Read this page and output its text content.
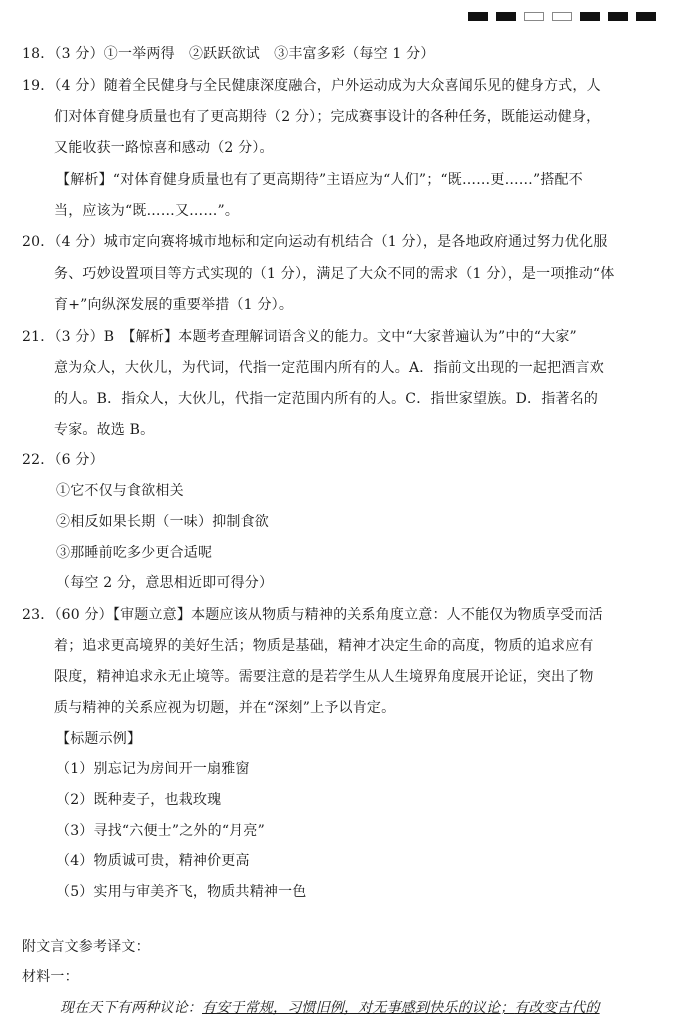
18．（3 分）①一举两得　②跃跃欲试　③丰富多彩（每空 1 分）
19．（4 分）随着全民健身与全民健康深度融合，户外运动成为大众喜闻乐见的健身方式，人
们对体育健身质量也有了更高期待（2 分）；完成赛事设计的各种任务，既能运动健身，
又能收获一路惊喜和感动（2 分）。
【解析】“对体育健身质量也有了更高期待”主语应为“人们”；“既……更……”搭配不
当，应该为“既……又……”。
20．（4 分）城市定向赛将城市地标和定向运动有机结合（1 分），是各地政府通过努力优化服
务、巧妙设置项目等方式实现的（1 分），满足了大众不同的需求（1 分），是一项推动“体
育+”向纵深发展的重要举措（1 分）。
21．（3 分）B　【解析】本题考查理解词语含义的能力。文中“大家普遍认为”中的“大家”
意为众人，大伙儿，为代词，代指一定范围内所有的人。A．指前文出现的一起把酒言欢
的人。B．指众人，大伙儿，代指一定范围内所有的人。C．指世家望族。D．指著名的
专家。故选 B。
22．（6 分）
①它不仅与食欲相关
②相反如果长期（一味）抑制食欲
③那睡前吃多少更合适呢
（每空 2 分，意思相近即可得分）
23．（60 分）【审题立意】本题应该从物质与精神的关系角度立意：人不能仅为物质享受而活
着；追求更高境界的美好生活；物质是基础，精神才决定生命的高度，物质的追求应有
限度，精神追求永无止境等。需要注意的是若学生从人生境界角度展开论证，突出了物
质与精神的关系应视为切题，并在“深刻”上予以肯定。
【标题示例】
（1）别忘记为房间开一扇雅窗
（2）既种麦子，也栽玫瑰
（3）寻找“六便士”之外的“月亮”
（4）物质诚可贵，精神价更高
（5）实用与审美齐飞，物质共精神一色
附文言文参考译文：
材料一：
现在天下有两种议论：有安于常规，习惯旧例，对无事感到快乐的议论；有改变古代的
